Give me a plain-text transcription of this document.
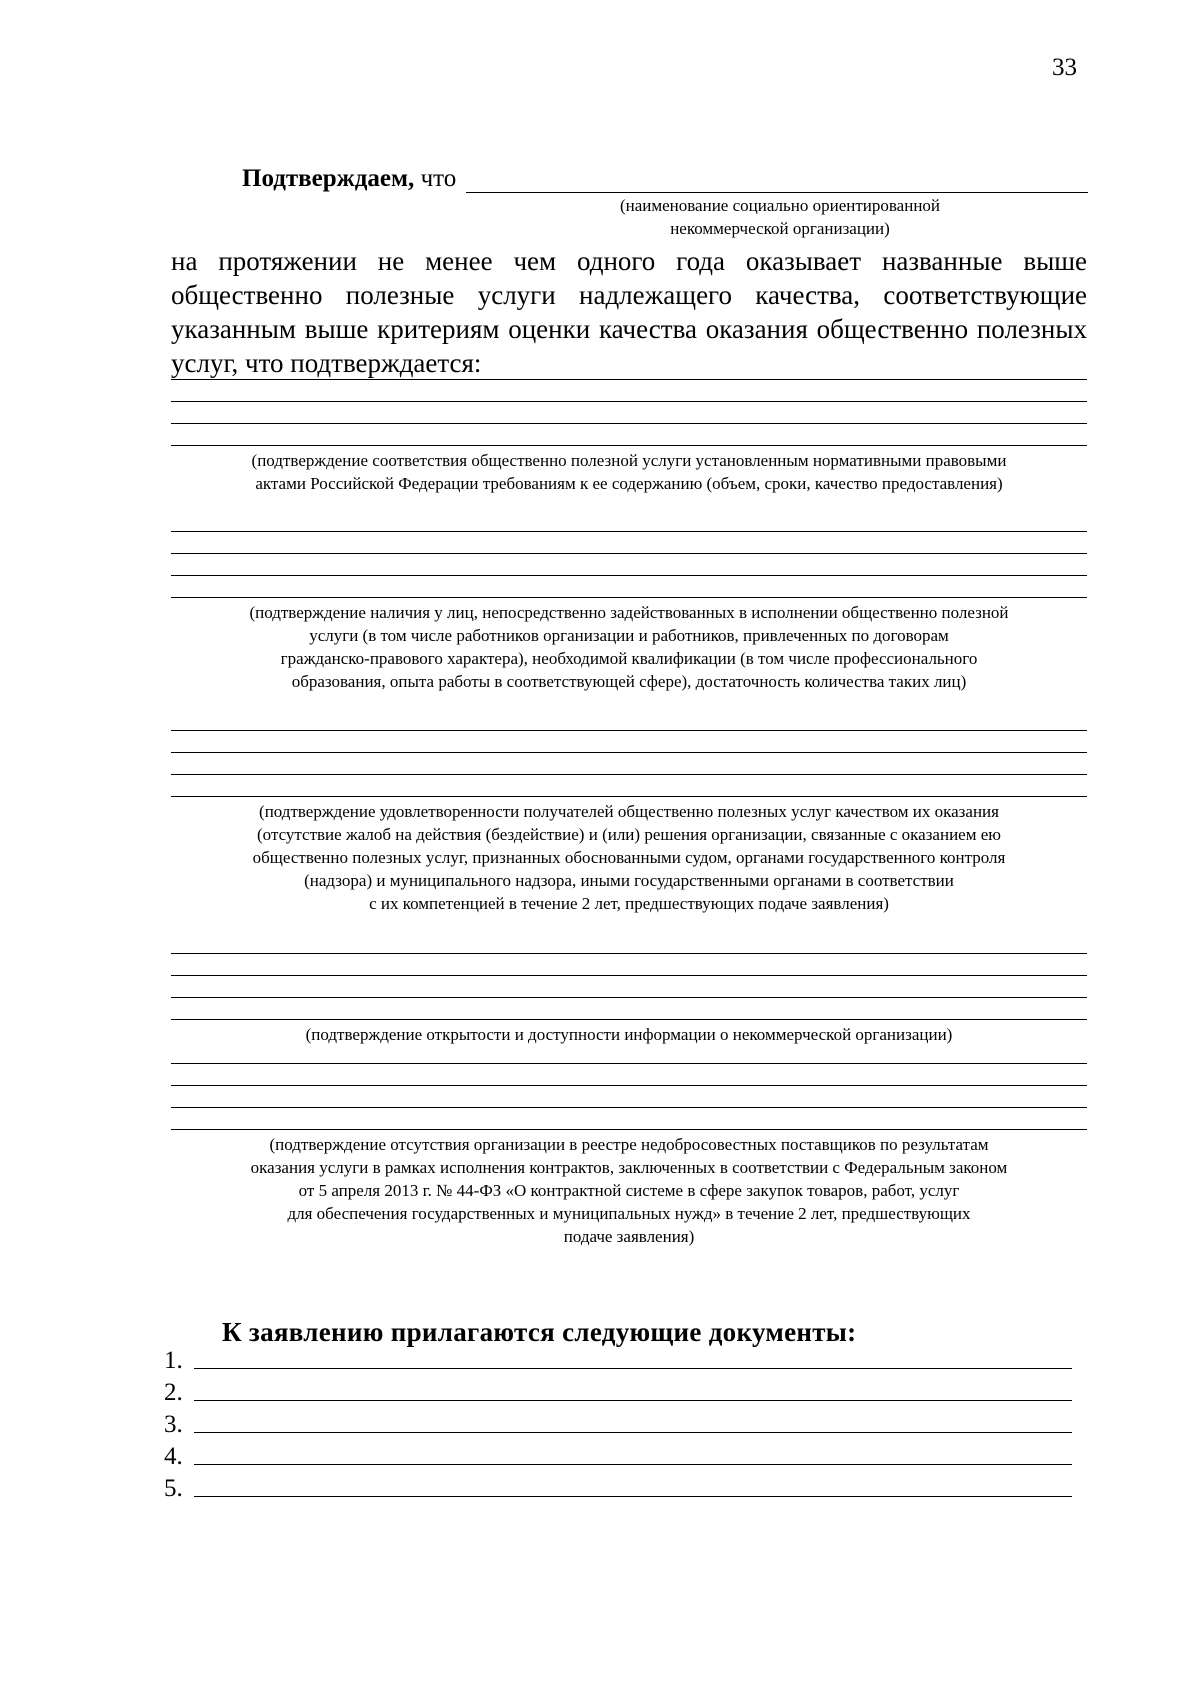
33
Подтверждаем,
что
(наименование социально ориентированной
некоммерческой организации)
на протяжении не менее чем одного года оказывает названные выше общественно полезные услуги надлежащего качества, соответствующие указанным выше критериям оценки качества оказания общественно полезных услуг, что подтверждается:
(подтверждение соответствия общественно полезной услуги установленным нормативными правовыми
актами Российской Федерации требованиям к ее содержанию (объем, сроки, качество предоставления)
(подтверждение наличия у лиц, непосредственно задействованных в исполнении общественно полезной
услуги (в том числе работников организации и работников, привлеченных по договорам
гражданско-правового характера), необходимой квалификации (в том числе профессионального
образования, опыта работы в соответствующей сфере), достаточность количества таких лиц)
(подтверждение удовлетворенности получателей общественно полезных услуг качеством их оказания
(отсутствие жалоб на действия (бездействие) и (или) решения организации, связанные с оказанием ею
общественно полезных услуг, признанных обоснованными судом, органами государственного контроля
(надзора) и муниципального надзора, иными государственными органами в соответствии
с их компетенцией в течение 2 лет, предшествующих подаче заявления)
(подтверждение открытости и доступности информации о некоммерческой организации)
(подтверждение отсутствия организации в реестре недобросовестных поставщиков по результатам
оказания услуги в рамках исполнения контрактов, заключенных в соответствии с Федеральным законом
от 5 апреля 2013 г. № 44-ФЗ «О контрактной системе в сфере закупок товаров, работ, услуг
для обеспечения государственных и муниципальных нужд» в течение 2 лет, предшествующих
подаче заявления)
К заявлению прилагаются следующие документы:
1.
2.
3.
4.
5.
